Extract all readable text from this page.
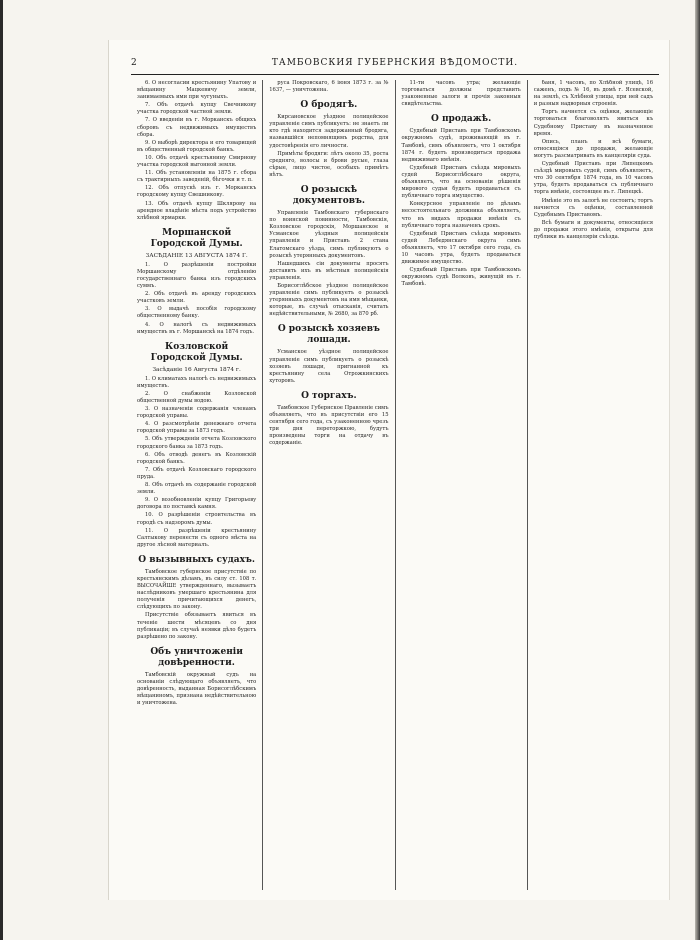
2	ТАМБОВСКИЯ ГУБЕРНСКИЯ ВѢДОМОСТИ.

6. О несогласии крестьянину Упатову и мѣщанину Мацкевичу земли, занимаемыхъ ими при чугуныхъ.

7. Объ отдачѣ купцу Свечникову участка городской частной земли.

7. О введеніи въ г. Морканскъ общихъ сборовъ съ недвижимыхъ имуществъ сбора.

9. О выборѣ директора и его товарищей въ общественный городской банкъ.

10. Объ отдачѣ крестьянину Смирнову участка городской выгонной земли.

11. Объ установленіи на 1875 г. сбора съ трактирныхъ заведеній, бѣгочки и т. п.

12. Объ отпускѣ изъ г. Морканскъ городскому купцу Свешникову.

13. Объ отдачѣ купцу Шклярову на арендное владѣніе мѣста подъ устройство хлѣбной ярмарки.

Моршанской Городской Думы.
ЗАСѢДАНІЕ 13 АВГУСТА 1874 Г.

1. О разрѣшеніи постройки Моршанскому отдѣленію государственнаго банка изъ городскихъ суммъ.

2. Объ отдачѣ въ аренду городскихъ участковъ земли.

3. О выдачѣ пособія городскому общественному банку.

4. О налогѣ съ недвижимыхъ имуществъ въ г. Моршанскѣ на 1874 годъ.

Козловской Городской Думы.
Засѣданіе 16 Августа 1874 г.

1. О климатахъ налогѣ съ недвижимыхъ имуществъ.

2. О снабженіи Козловской общественной думы водою.

3. О назначеніи содержанія членамъ городской управы.

4. О разсмотрѣніи денежнаго отчета городской управы за 1873 годъ.

5. Объ утвержденіи отчета Козловского городского банка за 1873 годъ.

6. Объ отводѣ денегъ въ Козловскій городской банкъ.

7. Объ отдачѣ Козловскаго городского пруда.

8. Объ отдачѣ въ содержаніе городской земли.

9. О возобновленіи купцу Григорьеву договора по поставкѣ камня.

10. О разрѣшеніи строительства въ городѣ съ надзоромъ думы.

11. О разрѣшеніи крестьянину Салтыкову перенести съ одного мѣста на другое лѣсной материалъ.

О вызывныхъ судахъ.

Тамбовское губернское присутствіе по крестьянскимъ дѣламъ, въ силу ст. 108 т. ВЫСОЧАЙШЕ утвержденнаго, вызываетъ наслѣдниковъ умершаго крестьянина для полученія причитающихся денегъ, слѣдующихъ по закону.

Присутствіе обязываетъ явиться въ теченіе шести мѣсяцевъ со дня публикаціи; въ случаѣ неявки дѣло будетъ разрѣшено по закону.

Объ уничтоженіи довѣренности.

Тамбовскій окружный судъ на основаніи слѣдующаго объявляетъ, что довѣренность, выданная Борисоглѣбскимъ мѣщаниномъ, признана недѣйствительною и уничтожена.

руса Покровскаго, 6 іюня 1873 г. за № 1637, — уничтожена.

О бродягѣ.

Кирсановское уѣздное полицейское управленіе симъ публикуетъ: не знаетъ ли кто гдѣ находится задержанный бродяга, назвавшійся непомнящимъ родства, для удостовѣренія его личности.

Примѣты бродяги: лѣтъ около 35, роста средняго, волосы и брови русые, глаза сѣрые, лицо чистое, особыхъ примѣтъ нѣтъ.

О розыскѣ документовъ.

Управленіе Тамбовскаго губернскаго по воинской повинности, Тамбовскія, Козловское городскія, Моршанское и Усманское уѣздныя полицейскія управленія и Приставъ 2 стана Елатомскаго уѣзда, симъ публикуютъ о розыскѣ утерянныхъ документовъ.

Нашедшихъ сіи документы просятъ доставить ихъ въ мѣстныя полицейскія управленія.

Борисоглѣбское уѣздное полицейское управленіе симъ публикуетъ о розыскѣ утерянныхъ документовъ на имя мѣщанки, которые, въ случаѣ отысканія, считать недѣйствительными, № 2680, за 870 рб.

О розыскѣ хозяевъ лошади.

Усманское уѣздное полицейское управленіе симъ публикуетъ о розыскѣ хозяевъ лошади, пригнанной къ крестьянину села Отрожкинскихъ хуторовъ.

О торгахъ.

Тамбовское Губернское Правленіе симъ объявляетъ, что въ присутствіи его 15 сентября сего года, съ узаконенною чрезъ три дня переторжкою, будутъ произведены торги на отдачу въ содержаніе.

11-ти часовъ утра; желающіе торговаться должны представить узаконенные залоги и прочія законныя свидѣтельства.

О продажѣ.

Судебный Приставъ при Тамбовскомъ окружномъ судѣ, проживающій въ г. Тамбовѣ, симъ объявляетъ, что 1 октября 1874 г. будетъ производиться продажа недвижимаго имѣнія.

Судебный Приставъ съѣзда мировыхъ судей Борисоглѣбскаго округа, объявляетъ, что на основаніи рѣшенія мирового судьи будетъ продаваться съ публичнаго торга имущество.

Конкурсное управленіе по дѣламъ несостоятельнаго должника объявляетъ, что въ видахъ продажи имѣнія съ публичнаго торга назначенъ срокъ.

Судебный Приставъ съѣзда мировыхъ судей Лебедянскаго округа симъ объявляетъ, что 17 октября сего года, съ 10 часовъ утра, будетъ продаваться движимое имущество.

Судебный Приставъ при Тамбовскомъ окружномъ судѣ Волковъ, живущій въ г. Тамбовѣ.

баня, 1 часовъ, по Хлѣбной улицѣ, 16 саженъ, подъ № 16, въ домѣ г. Ясевской, на землѣ, съ Хлѣбной улицы, при ней садъ и разныя надворныя строенія.

Торгъ начнется съ оцѣнки, желающіе торговаться благоволятъ явиться къ Судебному Приставу въ назначенное время.

Опись, планъ и всѣ бумаги, относящіяся до продажи, желающіе могутъ разсматривать въ канцеляріи суда.

Судебный Приставъ при Липецкомъ съѣздѣ мировыхъ судей, симъ объявляетъ, что 30 сентября 1874 года, въ 10 часовъ утра, будетъ продаваться съ публичнаго торга имѣніе, состоящее въ г. Липецкѣ.

Имѣніе это въ залогѣ не состоитъ; торгъ начнется съ оцѣнки, составленной Судебнымъ Приставомъ.

Всѣ бумаги и документы, относящіеся до продажи этого имѣнія, открыты для публики въ канцеляріи съѣзда.
